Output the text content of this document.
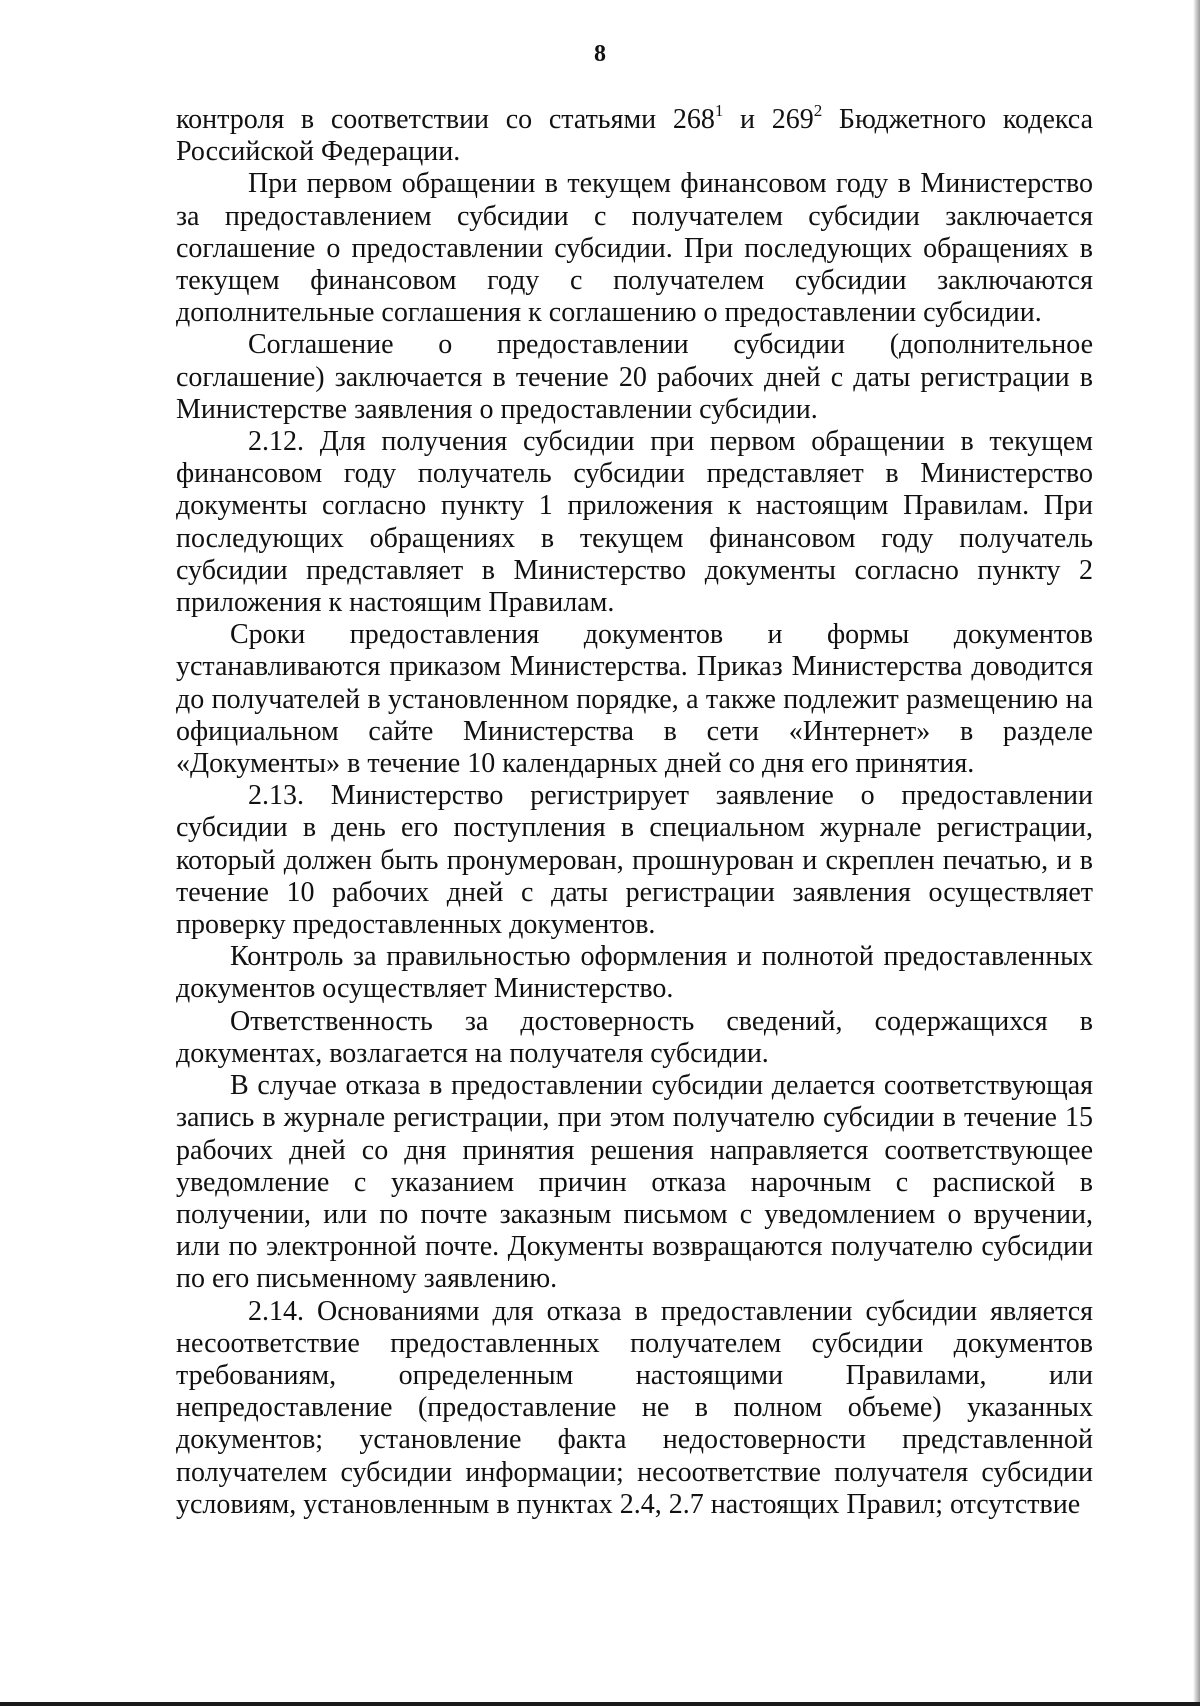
8

контроля в соответствии со статьями $268^1$ и $269^2$ Бюджетного кодекса Российской Федерации.

При первом обращении в текущем финансовом году в Министерство за предоставлением субсидии с получателем субсидии заключается соглашение о предоставлении субсидии. При последующих обращениях в текущем финансовом году с получателем субсидии заключаются дополнительные соглашения к соглашению о предоставлении субсидии.

Соглашение о предоставлении субсидии (дополнительное соглашение) заключается в течение 20 рабочих дней с даты регистрации в Министерстве заявления о предоставлении субсидии.

2.12. Для получения субсидии при первом обращении в текущем финансовом году получатель субсидии представляет в Министерство документы согласно пункту 1 приложения к настоящим Правилам. При последующих обращениях в текущем финансовом году получатель субсидии представляет в Министерство документы согласно пункту 2 приложения к настоящим Правилам.

Сроки предоставления документов и формы документов устанавливаются приказом Министерства. Приказ Министерства доводится до получателей в установленном порядке, а также подлежит размещению на официальном сайте Министерства в сети «Интернет» в разделе «Документы» в течение 10 календарных дней со дня его принятия.

2.13. Министерство регистрирует заявление о предоставлении субсидии в день его поступления в специальном журнале регистрации, который должен быть пронумерован, прошнурован и скреплен печатью, и в течение 10 рабочих дней с даты регистрации заявления осуществляет проверку предоставленных документов.

Контроль за правильностью оформления и полнотой предоставленных документов осуществляет Министерство.

Ответственность за достоверность сведений, содержащихся в документах, возлагается на получателя субсидии.

В случае отказа в предоставлении субсидии делается соответствующая запись в журнале регистрации, при этом получателю субсидии в течение 15 рабочих дней со дня принятия решения направляется соответствующее уведомление с указанием причин отказа нарочным с распиской в получении, или по почте заказным письмом с уведомлением о вручении, или по электронной почте. Документы возвращаются получателю субсидии по его письменному заявлению.

2.14. Основаниями для отказа в предоставлении субсидии является несоответствие предоставленных получателем субсидии документов требованиям, определенным настоящими Правилами, или непредоставление (предоставление не в полном объеме) указанных документов; установление факта недостоверности представленной получателем субсидии информации; несоответствие получателя субсидии условиям, установленным в пунктах 2.4, 2.7 настоящих Правил; отсутствие
